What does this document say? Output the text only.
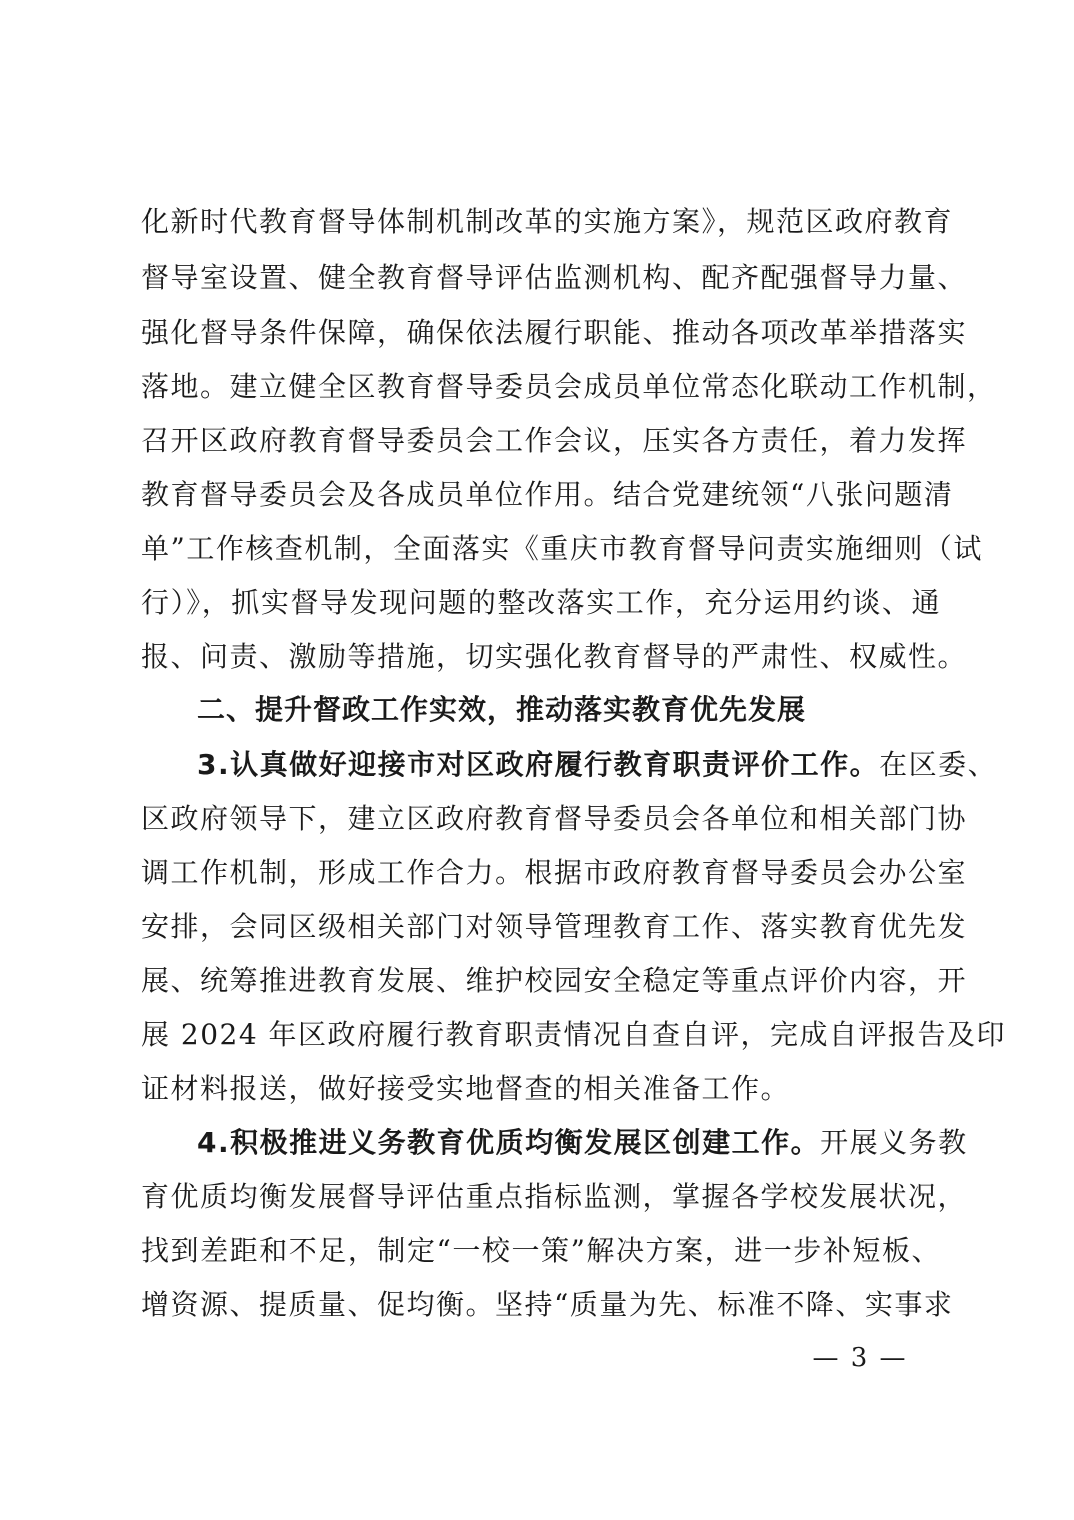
化新时代教育督导体制机制改革的实施方案》，规范区政府教育
督导室设置、健全教育督导评估监测机构、配齐配强督导力量、
强化督导条件保障，确保依法履行职能、推动各项改革举措落实
落地。建立健全区教育督导委员会成员单位常态化联动工作机制，
召开区政府教育督导委员会工作会议，压实各方责任，着力发挥
教育督导委员会及各成员单位作用。结合党建统领“八张问题清
单”工作核查机制，全面落实《重庆市教育督导问责实施细则（试
行）》，抓实督导发现问题的整改落实工作，充分运用约谈、通
报、问责、激励等措施，切实强化教育督导的严肃性、权威性。
二、提升督政工作实效，推动落实教育优先发展
3.认真做好迎接市对区政府履行教育职责评价工作。在区委、
区政府领导下，建立区政府教育督导委员会各单位和相关部门协
调工作机制，形成工作合力。根据市政府教育督导委员会办公室
安排，会同区级相关部门对领导管理教育工作、落实教育优先发
展、统筹推进教育发展、维护校园安全稳定等重点评价内容，开
展 2024 年区政府履行教育职责情况自查自评，完成自评报告及印
证材料报送，做好接受实地督查的相关准备工作。
4.积极推进义务教育优质均衡发展区创建工作。开展义务教
育优质均衡发展督导评估重点指标监测，掌握各学校发展状况，
找到差距和不足，制定“一校一策”解决方案，进一步补短板、
增资源、提质量、促均衡。坚持“质量为先、标准不降、实事求
— 3 —
